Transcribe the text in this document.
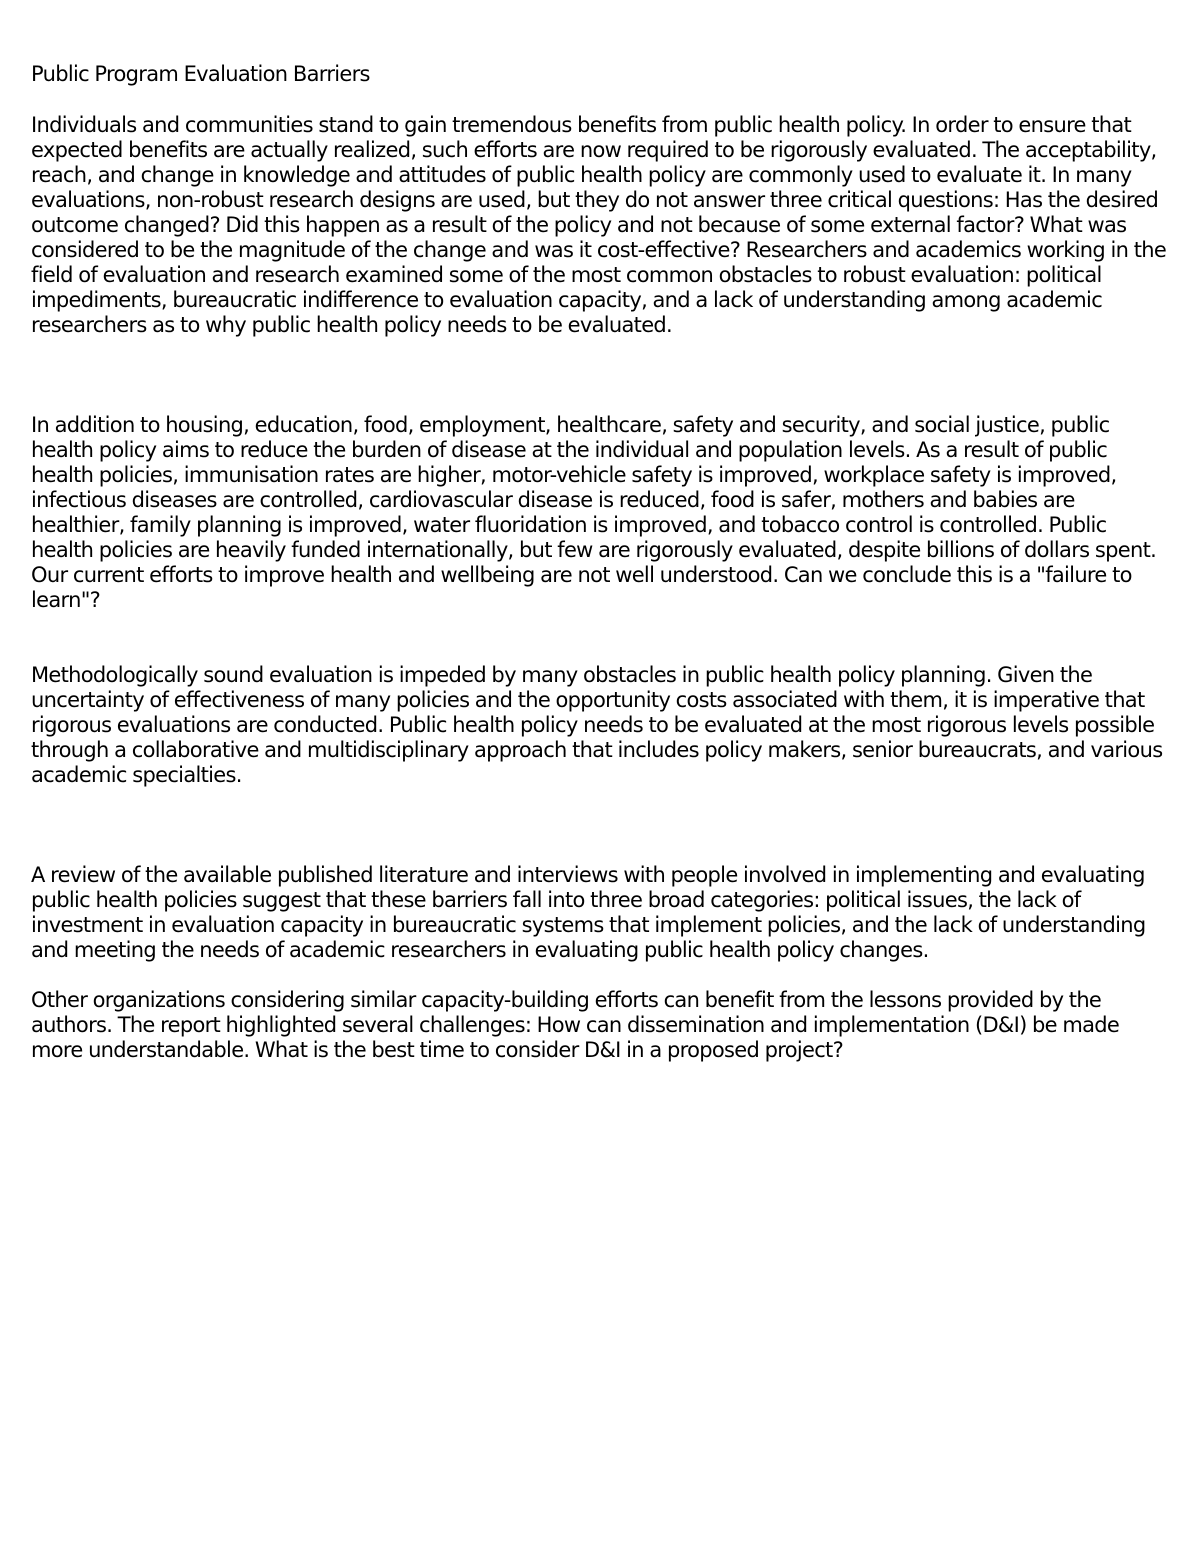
Public Program Evaluation Barriers

Individuals and communities stand to gain tremendous benefits from public health policy. In order to ensure that expected benefits are actually realized, such efforts are now required to be rigorously evaluated. The acceptability, reach, and change in knowledge and attitudes of public health policy are commonly used to evaluate it. In many evaluations, non-robust research designs are used, but they do not answer three critical questions: Has the desired outcome changed? Did this happen as a result of the policy and not because of some external factor? What was considered to be the magnitude of the change and was it cost-effective? Researchers and academics working in the field of evaluation and research examined some of the most common obstacles to robust evaluation: political impediments, bureaucratic indifference to evaluation capacity, and a lack of understanding among academic researchers as to why public health policy needs to be evaluated.

In addition to housing, education, food, employment, healthcare, safety and security, and social justice, public health policy aims to reduce the burden of disease at the individual and population levels. As a result of public health policies, immunisation rates are higher, motor-vehicle safety is improved, workplace safety is improved, infectious diseases are controlled, cardiovascular disease is reduced, food is safer, mothers and babies are healthier, family planning is improved, water fluoridation is improved, and tobacco control is controlled. Public health policies are heavily funded internationally, but few are rigorously evaluated, despite billions of dollars spent. Our current efforts to improve health and wellbeing are not well understood. Can we conclude this is a "failure to learn"?

Methodologically sound evaluation is impeded by many obstacles in public health policy planning. Given the uncertainty of effectiveness of many policies and the opportunity costs associated with them, it is imperative that rigorous evaluations are conducted. Public health policy needs to be evaluated at the most rigorous levels possible through a collaborative and multidisciplinary approach that includes policy makers, senior bureaucrats, and various academic specialties.

A review of the available published literature and interviews with people involved in implementing and evaluating public health policies suggest that these barriers fall into three broad categories: political issues, the lack of investment in evaluation capacity in bureaucratic systems that implement policies, and the lack of understanding and meeting the needs of academic researchers in evaluating public health policy changes.

Other organizations considering similar capacity-building efforts can benefit from the lessons provided by the authors. The report highlighted several challenges: How can dissemination and implementation (D&I) be made more understandable. What is the best time to consider D&I in a proposed project?
